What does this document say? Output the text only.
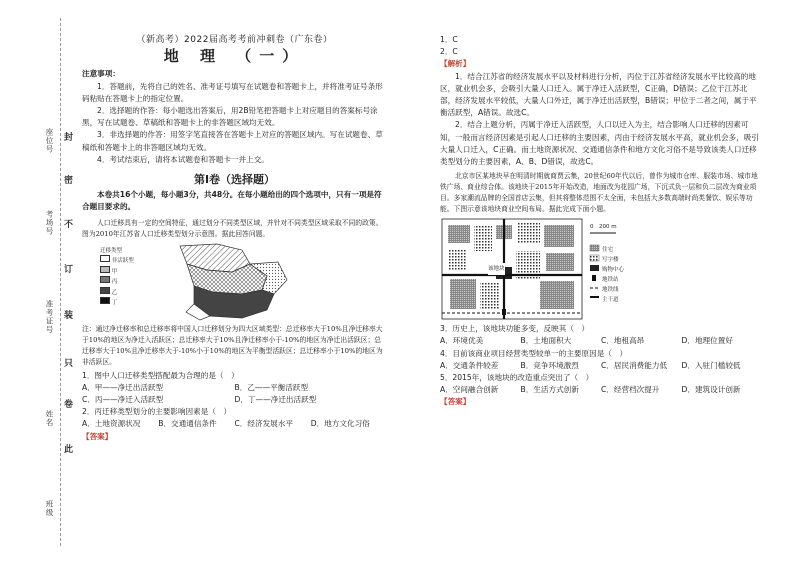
座位号
考场号
准考证号
姓名
班级
封
密
不
订
装
只
卷
此
（新高考）2022届高考考前冲刺卷（广东卷）
地 理 （一）

注意事项：

1．答题前，先将自己的姓名、准考证号填写在试题卷和答题卡上，并将准考证号条形码粘贴在答题卡上的指定位置。

2．选择题的作答：每小题选出答案后，用2B铅笔把答题卡上对应题目的答案标号涂黑，写在试题卷、草稿纸和答题卡上的非答题区域均无效。

3．非选择题的作答：用签字笔直接答在答题卡上对应的答题区域内。写在试题卷、草稿纸和答题卡上的非答题区域均无效。

4．考试结束后，请将本试题卷和答题卡一并上交。

第Ⅰ卷（选择题）

本卷共16个小题，每小题3分，共48分。在每小题给出的四个选项中，只有一项是符合题目要求的。

人口迁移具有一定的空间特征，通过划分不同类型区域，并针对不同类型区域采取不同的政策。图为2010年江苏省人口迁移类型划分示意图。据此回答问题。

迁移类型
非活跃型
甲
丙
乙
丁

注：通过净迁移率和总迁移率将中国人口迁移划分为四大区域类型：总迁移率大于10%且净迁移率大于10%的地区为净迁入活跃区；总迁移率大于10%且净迁移率小于-10%的地区为净迁出活跃区；总迁移率大于10%且净迁移率大于-10%小于10%的地区为平衡型活跃区；总迁移率小于10%的地区为非活跃区。

1．图中人口迁移类型搭配最为合理的是（　）

A．甲——净迁出活跃型	B．乙——平衡活跃型
C．丙——净迁入活跃型	D．丁——净迁出活跃型

2．丙迁移类型划分的主要影响因素是（　）

A．土地资源状况	B．交通通信条件	C．经济发展水平	D．地方文化习俗

【答案】

1．C

2．C

【解析】

1．结合江苏省的经济发展水平以及材料进行分析，丙位于江苏省经济发展水平比较高的地区，就业机会多，会吸引大量人口迁入。属于净迁入活跃型，C正确，D错误；乙位于江苏北部，经济发展水平较低，大量人口外迁，属于净迁出活跃型，B错误；甲位于二者之间，属于平衡活跃型，A错误。故选C。

2．结合上题分析，丙属于净迁入活跃型，人口以迁入为主，结合影响人口迁移的因素可知，一般而言经济因素是引起人口迁移的主要因素，丙由于经济发展水平高，就业机会多，吸引大量人口迁入，C正确。而土地资源状况、交通通信条件和地方文化习俗不是导致该类人口迁移类型划分的主要因素，A、B、D错误，故选C。

北京市区某地块早在明清时期就商贾云集，20世纪60年代以后，曾作为城市仓库、服装市场、城市地铁广场、商业综合体。该地块于2015年开始改造，地面改为花园广场，下沉式负一层和负二层改为商业项目。多家潮流品牌的全国首店云集，但其将整体范围不太全面，未包括大多数高端时尚类餐饮、娱乐等功能。下图示意该地块商业空间布局。据此完成下面小题。

0　200 m
该地块
住宅
写字楼
购物中心
地铁站
地铁线
主干道

3．历史上，该地块功能多变，反映其（　）

A．环境优美	B．土地面积大	C．地租高昂	D．地理位置好

4．目前该商业项目经营类型较单一的主要原因是（　）

A．交通条件较差	B．竞争环境激烈	C．居民消费能力低	D．入驻门槛较低

5．2015年，该地块的改造重点突出了（　）

A．空间融合创新	B．生活方式创新	C．经营档次提升	D．建筑设计创新

【答案】
